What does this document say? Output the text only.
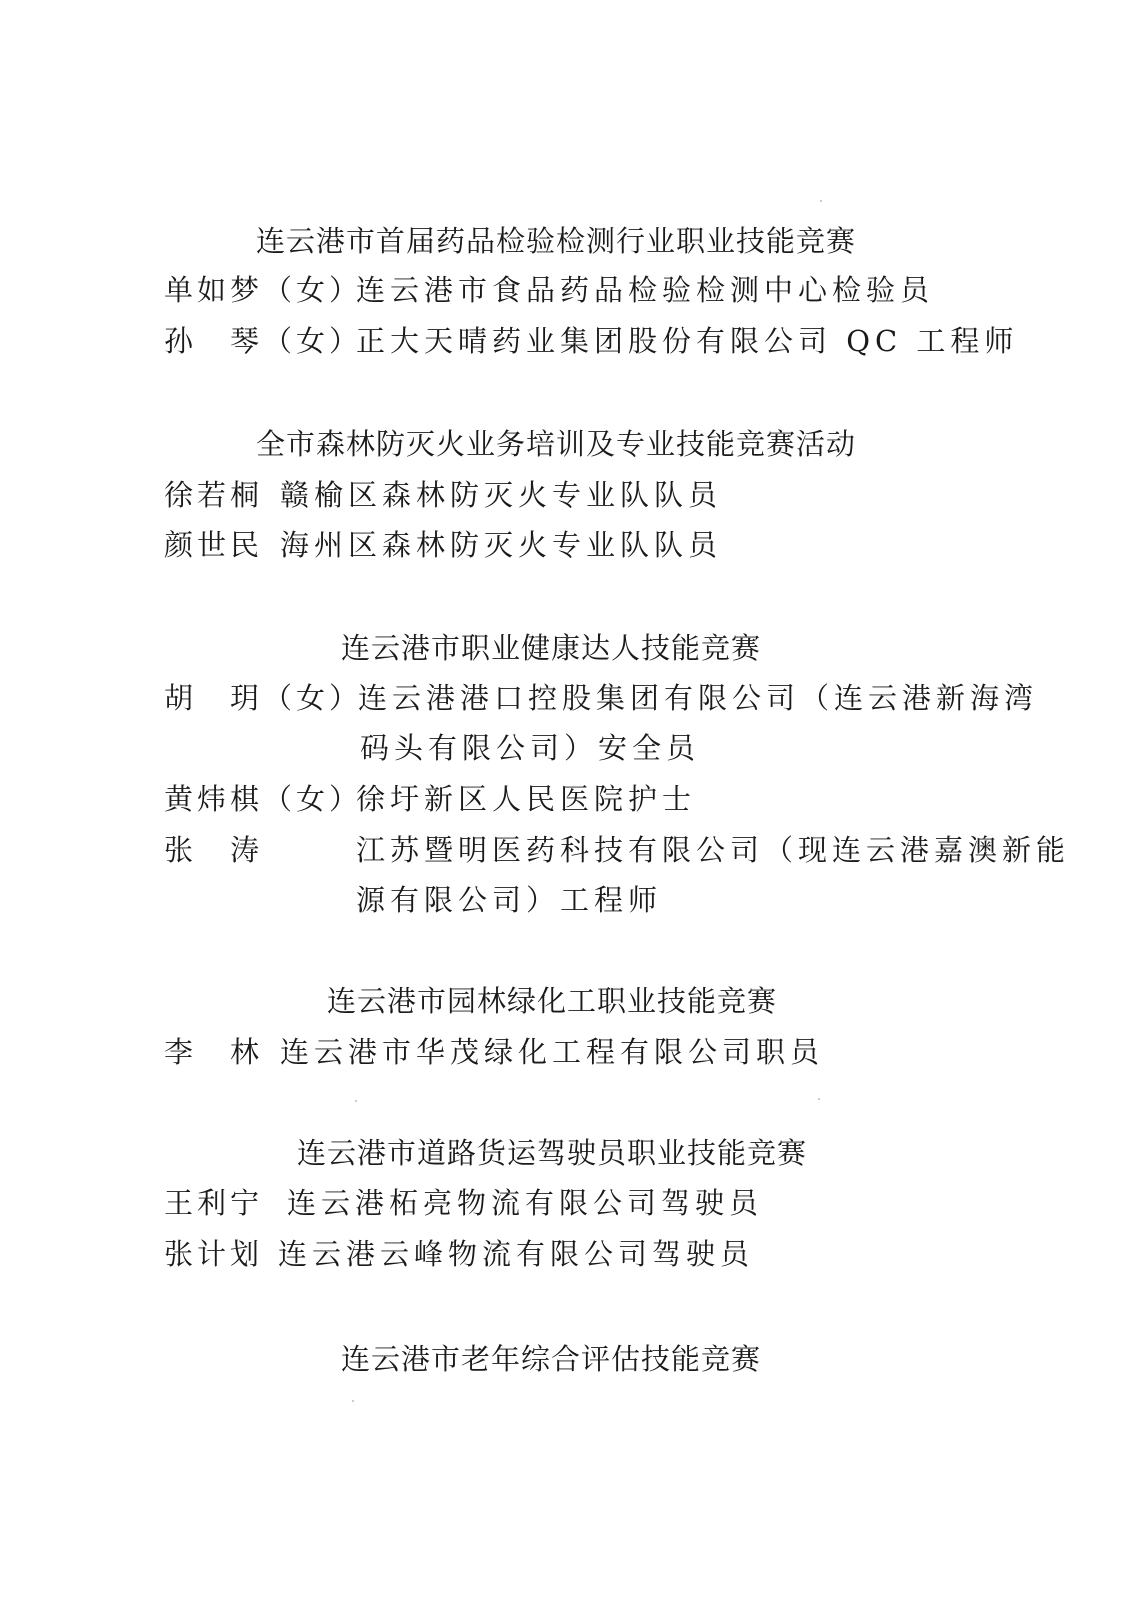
连云港市首届药品检验检测行业职业技能竞赛
单如梦（女）
连云港市食品药品检验检测中心检验员
孙　琴（女）
正大天晴药业集团股份有限公司 QC 工程师
全市森林防灭火业务培训及专业技能竞赛活动
徐若桐 赣榆区森林防灭火专业队队员
颜世民 海州区森林防灭火专业队队员
连云港市职业健康达人技能竞赛
胡　玥（女）
连云港港口控股集团有限公司（连云港新海湾
码头有限公司）安全员
黄炜棋（女）
徐圩新区人民医院护士
张　涛	江苏暨明医药科技有限公司（现连云港嘉澳新能
源有限公司）工程师
连云港市园林绿化工职业技能竞赛
李　林 连云港市华茂绿化工程有限公司职员
连云港市道路货运驾驶员职业技能竞赛
王利宁 连云港柘亮物流有限公司驾驶员
张计划 连云港云峰物流有限公司驾驶员
连云港市老年综合评估技能竞赛
